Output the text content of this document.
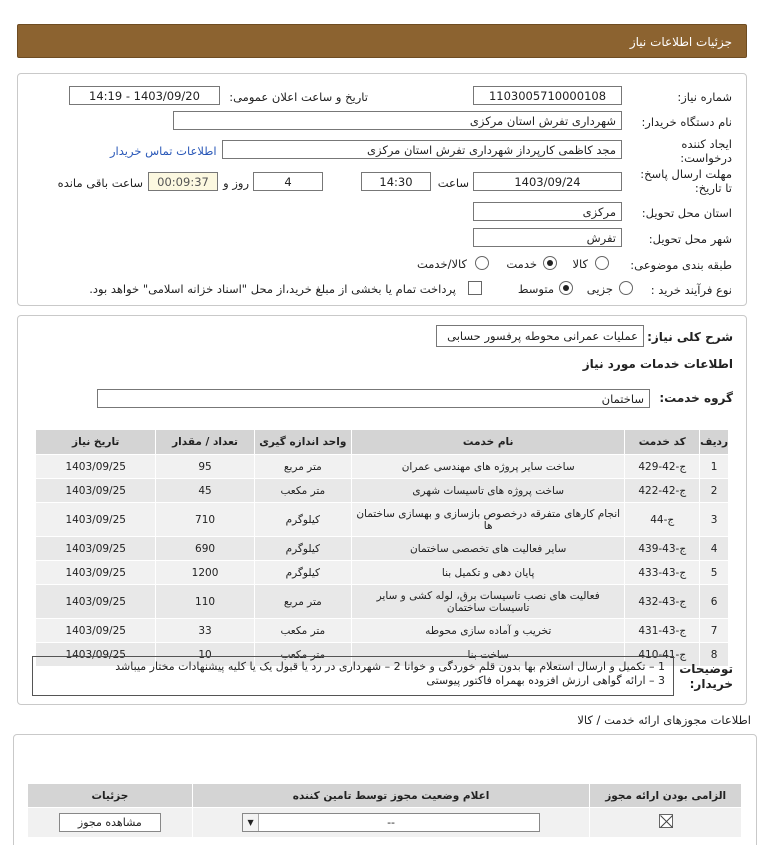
جزئیات اطلاعات نیاز
شماره نیاز:
1103005710000108
تاریخ و ساعت اعلان عمومی:
1403/09/20 - 14:19
نام دستگاه خریدار:
شهرداری تفرش استان مرکزی
ایجاد کننده
درخواست:
مجد کاظمی کارپرداز شهرداری تفرش استان مرکزی
اطلاعات تماس خریدار
مهلت ارسال پاسخ:
تا تاریخ:
1403/09/24
ساعت
14:30
4
روز و
00:09:37
ساعت باقی مانده
استان محل تحویل:
مرکزی
شهر محل تحویل:
تفرش
طبقه بندی موضوعی:
کالا
خدمت
کالا/خدمت
نوع فرآیند خرید :
جزیی
متوسط
پرداخت تمام یا بخشی از مبلغ خرید،از محل "اسناد خزانه اسلامی" خواهد بود.
شرح کلی نیاز:
عملیات عمرانی محوطه پرفسور حسابی
اطلاعات خدمات مورد نیاز
گروه خدمت:
ساختمان
ردیف	کد خدمت	نام خدمت	واحد اندازه گیری	تعداد / مقدار	تاریخ نیاز
1	ج-42-429	ساخت سایر پروژه های مهندسی عمران	متر مربع	95	1403/09/25
2	ج-42-422	ساخت پروژه های تاسیسات شهری	متر مکعب	45	1403/09/25
3	ج-44	انجام کارهای متفرقه درخصوص بازسازی و بهسازی ساختمان ها	کیلوگرم	710	1403/09/25
4	ج-43-439	سایر فعالیت های تخصصی ساختمان	کیلوگرم	690	1403/09/25
5	ج-43-433	پایان دهی و تکمیل بنا	کیلوگرم	1200	1403/09/25
6	ج-43-432	فعالیت های نصب تاسیسات برق، لوله کشی و سایر تاسیسات ساختمان	متر مربع	110	1403/09/25
7	ج-43-431	تخریب و آماده سازی محوطه	متر مکعب	33	1403/09/25
8	ج-41-410	ساخت بنا	متر مکعب	10	1403/09/25
توضیحات
خریدار:
1 – تکمیل و ارسال استعلام بها بدون قلم خوردگی و خوانا 2 – شهرداری در رد یا قبول یک یا کلیه پیشنهادات مختار میباشد
3 – ارائه گواهی ارزش افزوده بهمراه فاکتور پیوستی
اطلاعات مجوزهای ارائه خدمت / کالا
الزامی بودن ارائه مجوز	اعلام وضعیت مجوز توسط تامین کننده	جزئیات

	▼ --	مشاهده مجوز
